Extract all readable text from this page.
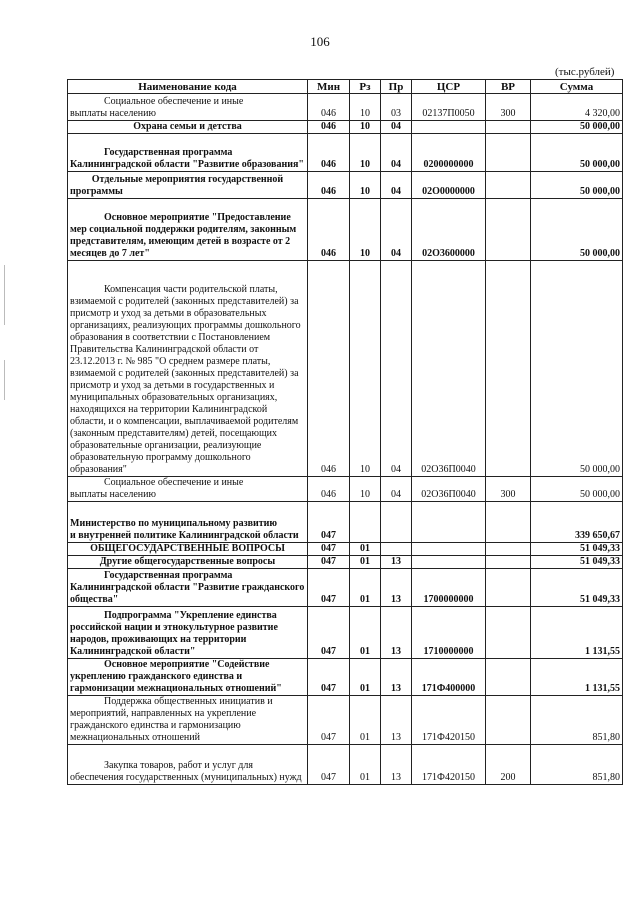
106
(тыс.рублей)
Наименование кода	Мин	Рз	Пр	ЦСР	ВР	Сумма

Социальное обеспечение и иные
выплаты населению	046	10	03	02137П0050	300	4 320,00

Охрана семьи и детства	046	10	04			50 000,00

Государственная программа
Калининградской области "Развитие образования"	046	10	04	0200000000		50 000,00

Отдельные мероприятия государственной
программы	046	10	04	02О0000000		50 000,00

Основное мероприятие "Предоставление
мер социальной поддержки родителям, законным представителям, имеющим детей в возрасте от 2 месяцев до 7 лет"	046	10	04	02О3600000		50 000,00

Компенсация части родительской платы,
взимаемой с родителей (законных представителей) за присмотр и уход за детьми в образовательных организациях, реализующих программы дошкольного образования в соответствии с Постановлением Правительства Калининградской области от 23.12.2013 г. № 985 "О среднем размере платы, взимаемой с родителей (законных представителей) за присмотр и уход за детьми в государственных и муниципальных образовательных организациях, находящихся на территории Калининградской области, и о компенсации, выплачиваемой родителям (законным представителям) детей, посещающих образовательные организации, реализующие образовательную программу дошкольного образования"	046	10	04	02О36П0040		50 000,00

Социальное обеспечение и иные
выплаты населению	046	10	04	02О36П0040	300	50 000,00

Министерство по муниципальному развитию
и внутренней политике Калининградской области	047					339 650,67

ОБЩЕГОСУДАРСТВЕННЫЕ ВОПРОСЫ	047	01				51 049,33

Другие общегосударственные вопросы	047	01	13			51 049,33

Государственная программа
Калининградской области "Развитие гражданского общества"	047	01	13	1700000000		51 049,33

Подпрограмма "Укрепление единства
российской нации и этнокультурное развитие народов, проживающих на территории Калининградской области"	047	01	13	1710000000		1 131,55

Основное мероприятие "Содействие
укреплению гражданского единства и гармонизации межнациональных отношений"	047	01	13	171Ф400000		1 131,55

Поддержка общественных инициатив и
мероприятий, направленных на укрепление гражданского единства и гармонизацию межнациональных отношений	047	01	13	171Ф420150		851,80

Закупка товаров, работ и услуг для
обеспечения государственных (муниципальных) нужд	047	01	13	171Ф420150	200	851,80
